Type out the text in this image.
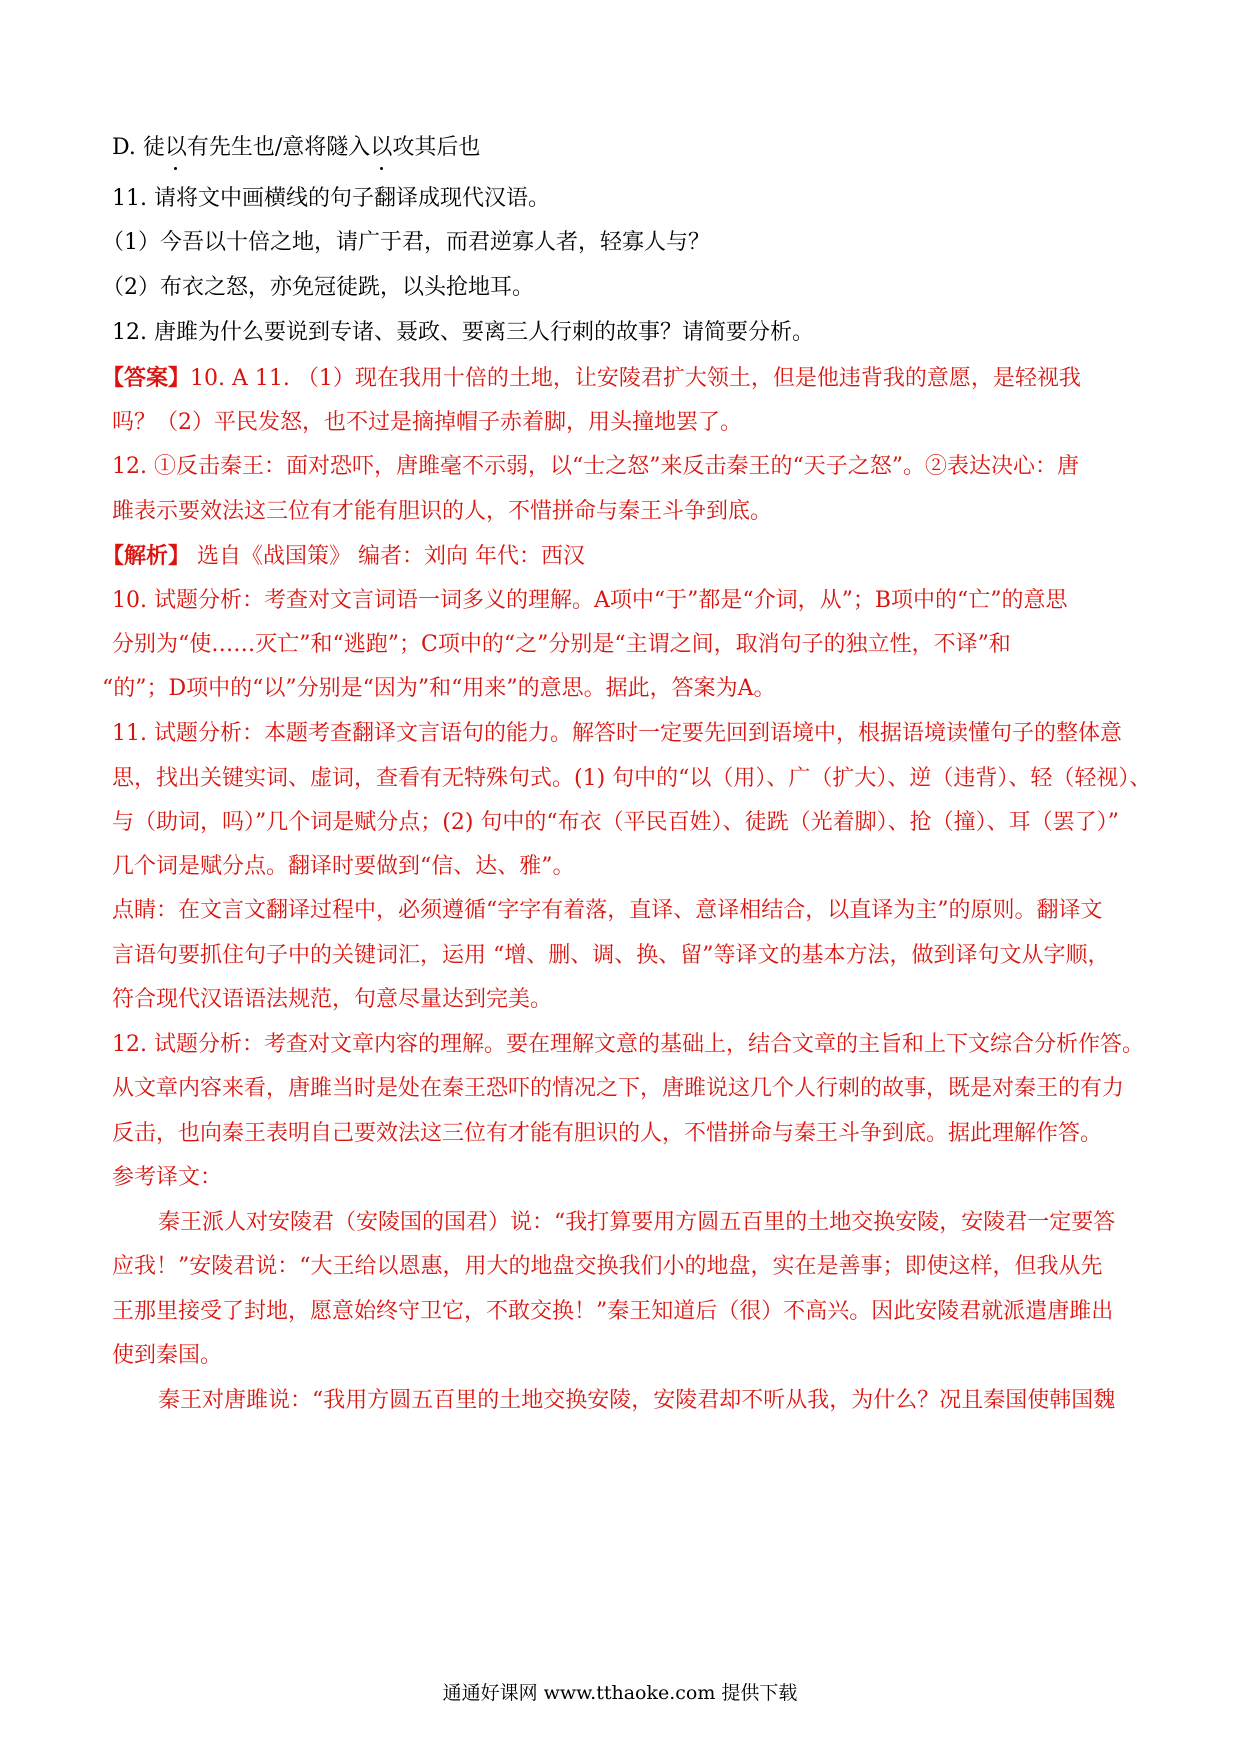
D. 徒以有先生也/意将隧入以攻其后也
11. 请将文中画横线的句子翻译成现代汉语。
（1）今吾以十倍之地，请广于君，而君逆寡人者，轻寡人与？
（2）布衣之怒，亦免冠徒跣，以头抢地耳。
12. 唐雎为什么要说到专诸、聂政、要离三人行刺的故事？请简要分析。
【答案】10. A 11. （1）现在我用十倍的土地，让安陵君扩大领土，但是他违背我的意愿，是轻视我
吗？（2）平民发怒，也不过是摘掉帽子赤着脚，用头撞地罢了。
12. ①反击秦王：面对恐吓，唐雎毫不示弱，以“士之怒”来反击秦王的“天子之怒”。②表达决心：唐
雎表示要效法这三位有才能有胆识的人，不惜拼命与秦王斗争到底。
【解析】 选自《战国策》 编者：刘向 年代：西汉
10. 试题分析：考查对文言词语一词多义的理解。A项中“于”都是“介词，从”；B项中的“亡”的意思
分别为“使……灭亡”和“逃跑”；C项中的“之”分别是“主谓之间，取消句子的独立性，不译”和
“的”；D项中的“以”分别是“因为”和“用来”的意思。据此，答案为A。
11. 试题分析：本题考查翻译文言语句的能力。解答时一定要先回到语境中，根据语境读懂句子的整体意
思，找出关键实词、虚词，查看有无特殊句式。(1) 句中的“以（用）、广（扩大）、逆（违背）、轻（轻视）、
与（助词，吗）”几个词是赋分点；(2) 句中的“布衣（平民百姓）、徒跣（光着脚）、抢（撞）、耳（罢了）”
几个词是赋分点。翻译时要做到“信、达、雅”。
点睛：在文言文翻译过程中，必须遵循“字字有着落，直译、意译相结合，以直译为主”的原则。翻译文
言语句要抓住句子中的关键词汇，运用 “增、删、调、换、留”等译文的基本方法，做到译句文从字顺，
符合现代汉语语法规范，句意尽量达到完美。
12. 试题分析：考查对文章内容的理解。要在理解文意的基础上，结合文章的主旨和上下文综合分析作答。
从文章内容来看，唐雎当时是处在秦王恐吓的情况之下，唐雎说这几个人行刺的故事，既是对秦王的有力
反击，也向秦王表明自己要效法这三位有才能有胆识的人，不惜拼命与秦王斗争到底。据此理解作答。
参考译文：
秦王派人对安陵君（安陵国的国君）说：“我打算要用方圆五百里的土地交换安陵，安陵君一定要答
应我！”安陵君说：“大王给以恩惠，用大的地盘交换我们小的地盘，实在是善事；即使这样，但我从先
王那里接受了封地，愿意始终守卫它，不敢交换！”秦王知道后（很）不高兴。因此安陵君就派遣唐雎出
使到秦国。
秦王对唐雎说：“我用方圆五百里的土地交换安陵，安陵君却不听从我，为什么？况且秦国使韩国魏
通通好课网 www.tthaoke.com 提供下载
